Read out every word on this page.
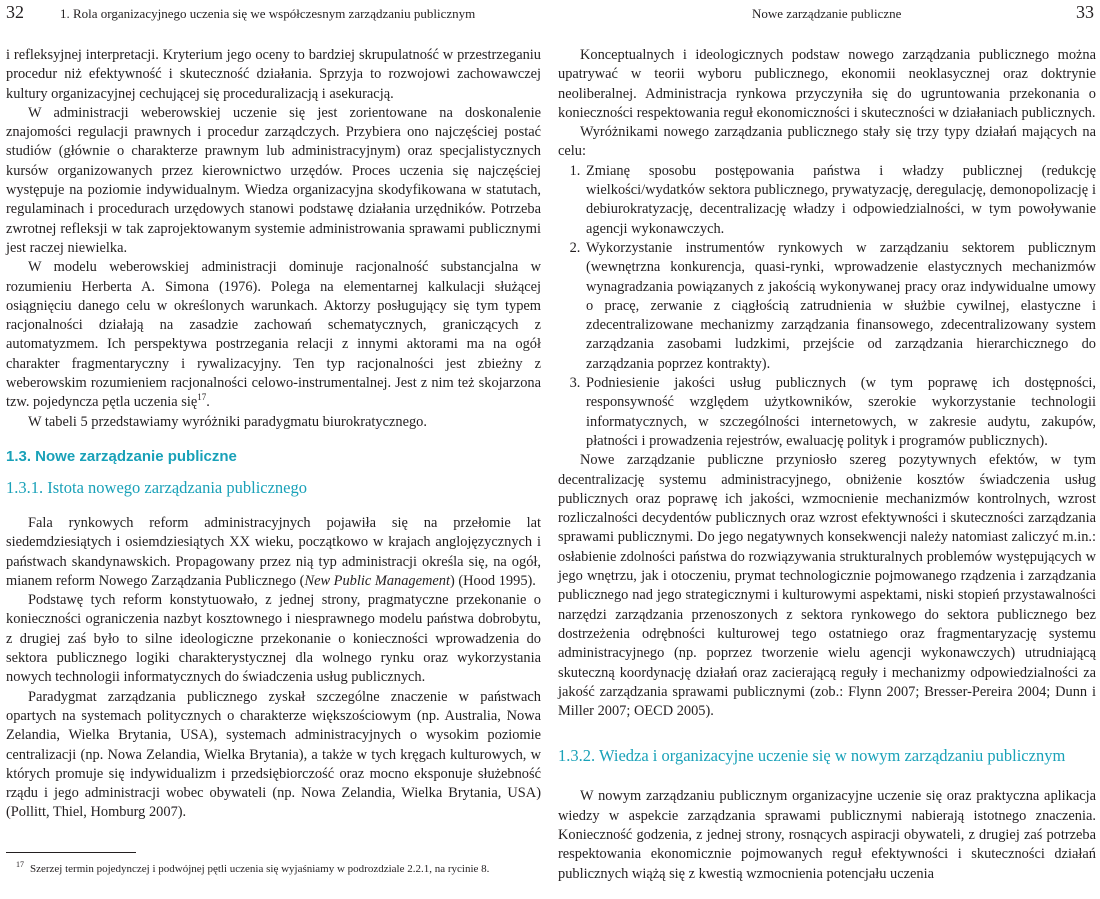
32	1. Rola organizacyjnego uczenia się we współczesnym zarządzaniu publicznym

i refleksyjnej interpretacji. Kryterium jego oceny to bardziej skrupulatność w przestrzeganiu procedur niż efektywność i skuteczność działania. Sprzyja to rozwojowi zachowawczej kultury organizacyjnej cechującej się proceduralizacją i asekuracją.

W administracji weberowskiej uczenie się jest zorientowane na doskonalenie znajomości regulacji prawnych i procedur zarządczych. Przybiera ono najczęściej postać studiów (głównie o charakterze prawnym lub administracyjnym) oraz specjalistycznych kursów organizowanych przez kierownictwo urzędów. Proces uczenia się najczęściej występuje na poziomie indywidualnym. Wiedza organizacyjna skodyfikowana w statutach, regulaminach i procedurach urzędowych stanowi podstawę działania urzędników. Potrzeba zwrotnej refleksji w tak zaprojektowanym systemie administrowania sprawami publicznymi jest raczej niewielka.

W modelu weberowskiej administracji dominuje racjonalność substancjalna w rozumieniu Herberta A. Simona (1976). Polega na elementarnej kalkulacji służącej osiągnięciu danego celu w określonych warunkach. Aktorzy posługujący się tym typem racjonalności działają na zasadzie zachowań schematycznych, graniczących z automatyzmem. Ich perspektywa postrzegania relacji z innymi aktorami ma na ogół charakter fragmentaryczny i rywalizacyjny. Ten typ racjonalności jest zbieżny z weberowskim rozumieniem racjonalności celowo-instrumentalnej. Jest z nim też skojarzona tzw. pojedyncza pętla uczenia się$^{17}$.

W tabeli 5 przedstawiamy wyróżniki paradygmatu biurokratycznego.

1.3. Nowe zarządzanie publiczne
1.3.1. Istota nowego zarządzania publicznego

Fala rynkowych reform administracyjnych pojawiła się na przełomie lat siedemdziesiątych i osiemdziesiątych XX wieku, początkowo w krajach anglojęzycznych i państwach skandynawskich. Propagowany przez nią typ administracji określa się, na ogół, mianem reform Nowego Zarządzania Publicznego (New Public Management) (Hood 1995).

Podstawę tych reform konstytuowało, z jednej strony, pragmatyczne przekonanie o konieczności ograniczenia nazbyt kosztownego i niesprawnego modelu państwa dobrobytu, z drugiej zaś było to silne ideologiczne przekonanie o konieczności wprowadzenia do sektora publicznego logiki charakterystycznej dla wolnego rynku oraz wykorzystania nowych technologii informatycznych do świadczenia usług publicznych.

Paradygmat zarządzania publicznego zyskał szczególne znaczenie w państwach opartych na systemach politycznych o charakterze większościowym (np. Australia, Nowa Zelandia, Wielka Brytania, USA), systemach administracyjnych o wysokim poziomie centralizacji (np. Nowa Zelandia, Wielka Brytania), a także w tych kręgach kulturowych, w których promuje się indywidualizm i przedsiębiorczość oraz mocno eksponuje służebność rządu i jego administracji wobec obywateli (np. Nowa Zelandia, Wielka Brytania, USA) (Pollitt, Thiel, Homburg 2007).

$^{17}$ Szerzej termin pojedynczej i podwójnej pętli uczenia się wyjaśniamy w podrozdziale 2.2.1, na rycinie 8.
Nowe zarządzanie publiczne	33

Konceptualnych i ideologicznych podstaw nowego zarządzania publicznego można upatrywać w teorii wyboru publicznego, ekonomii neoklasycznej oraz doktrynie neoliberalnej. Administracja rynkowa przyczyniła się do ugruntowania przekonania o konieczności respektowania reguł ekonomiczności i skuteczności w działaniach publicznych.

Wyróżnikami nowego zarządzania publicznego stały się trzy typy działań mających na celu:

1. Zmianę sposobu postępowania państwa i władzy publicznej (redukcję wielkości/wydatków sektora publicznego, prywatyzację, deregulację, demonopolizację i debiurokratyzację, decentralizację władzy i odpowiedzialności, w tym powoływanie agencji wykonawczych.
2. Wykorzystanie instrumentów rynkowych w zarządzaniu sektorem publicznym (wewnętrzna konkurencja, quasi-rynki, wprowadzenie elastycznych mechanizmów wynagradzania powiązanych z jakością wykonywanej pracy oraz indywidualne umowy o pracę, zerwanie z ciągłością zatrudnienia w służbie cywilnej, elastyczne i zdecentralizowane mechanizmy zarządzania finansowego, zdecentralizowany system zarządzania zasobami ludzkimi, przejście od zarządzania hierarchicznego do zarządzania poprzez kontrakty).
3. Podniesienie jakości usług publicznych (w tym poprawę ich dostępności, responsywność względem użytkowników, szerokie wykorzystanie technologii informatycznych, w szczególności internetowych, w zakresie audytu, zakupów, płatności i prowadzenia rejestrów, ewaluację polityk i programów publicznych).

Nowe zarządzanie publiczne przyniosło szereg pozytywnych efektów, w tym decentralizację systemu administracyjnego, obniżenie kosztów świadczenia usług publicznych oraz poprawę ich jakości, wzmocnienie mechanizmów kontrolnych, wzrost rozliczalności decydentów publicznych oraz wzrost efektywności i skuteczności zarządzania sprawami publicznymi. Do jego negatywnych konsekwencji należy natomiast zaliczyć m.in.: osłabienie zdolności państwa do rozwiązywania strukturalnych problemów występujących w jego wnętrzu, jak i otoczeniu, prymat technologicznie pojmowanego rządzenia i zarządzania publicznego nad jego strategicznymi i kulturowymi aspektami, niski stopień przystawalności narzędzi zarządzania przenoszonych z sektora rynkowego do sektora publicznego bez dostrzeżenia odrębności kulturowej tego ostatniego oraz fragmentaryzację systemu administracyjnego (np. poprzez tworzenie wielu agencji wykonawczych) utrudniającą skuteczną koordynację działań oraz zacierającą reguły i mechanizmy odpowiedzialności za jakość zarządzania sprawami publicznymi (zob.: Flynn 2007; Bresser-Pereira 2004; Dunn i Miller 2007; OECD 2005).

1.3.2. Wiedza i organizacyjne uczenie się w nowym zarządzaniu publicznym

W nowym zarządzaniu publicznym organizacyjne uczenie się oraz praktyczna aplikacja wiedzy w aspekcie zarządzania sprawami publicznymi nabierają istotnego znaczenia. Konieczność godzenia, z jednej strony, rosnących aspiracji obywateli, z drugiej zaś potrzeba respektowania ekonomicznie pojmowanych reguł efektywności i skuteczności działań publicznych wiążą się z kwestią wzmocnienia potencjału uczenia
